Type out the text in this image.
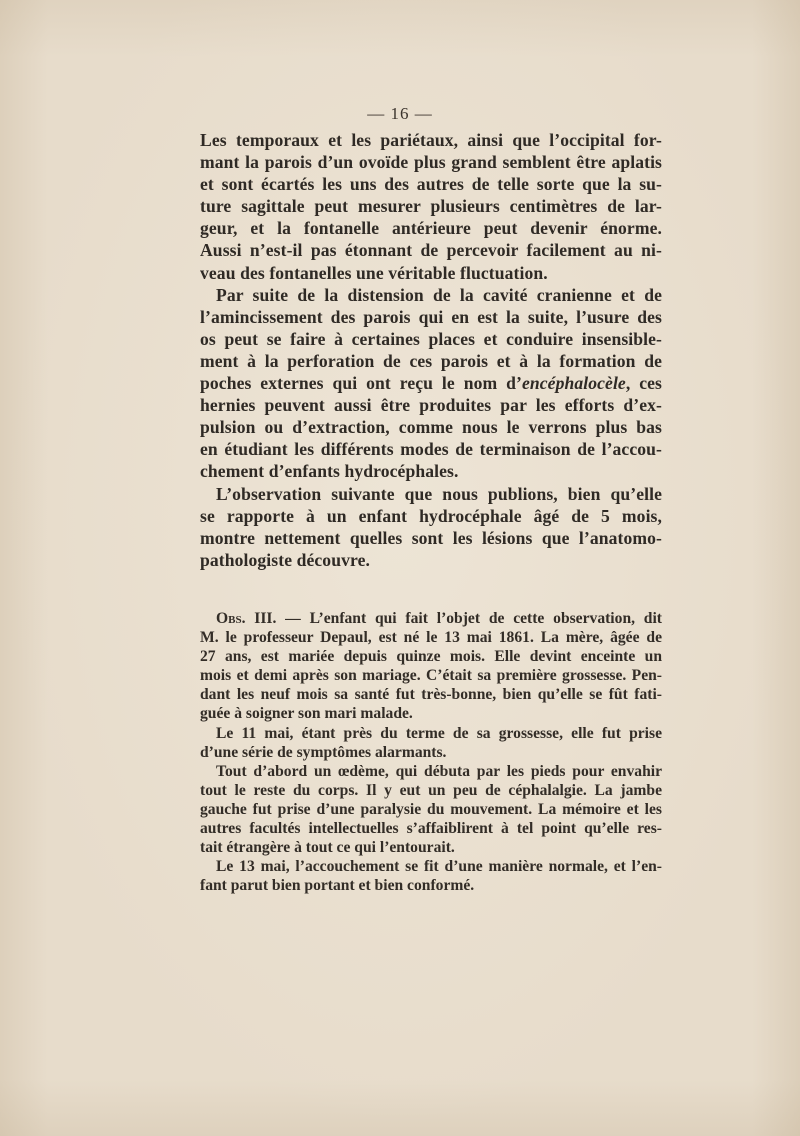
— 16 —
Les temporaux et les pariétaux, ainsi que l’occipital for-
mant la parois d’un ovoïde plus grand semblent être aplatis
et sont écartés les uns des autres de telle sorte que la su-
ture sagittale peut mesurer plusieurs centimètres de lar-
geur, et la fontanelle antérieure peut devenir énorme.
Aussi n’est-il pas étonnant de percevoir facilement au ni-
veau des fontanelles une véritable fluctuation.
Par suite de la distension de la cavité cranienne et de
l’amincissement des parois qui en est la suite, l’usure des
os peut se faire à certaines places et conduire insensible-
ment à la perforation de ces parois et à la formation de
poches externes qui ont reçu le nom d’encéphalocèle, ces
hernies peuvent aussi être produites par les efforts d’ex-
pulsion ou d’extraction, comme nous le verrons plus bas
en étudiant les différents modes de terminaison de l’accou-
chement d’enfants hydrocéphales.
L’observation suivante que nous publions, bien qu’elle
se rapporte à un enfant hydrocéphale âgé de 5 mois,
montre nettement quelles sont les lésions que l’anatomo-
pathologiste découvre.
Obs. III. — L’enfant qui fait l’objet de cette observation, dit
M. le professeur Depaul, est né le 13 mai 1861. La mère, âgée de
27 ans, est mariée depuis quinze mois. Elle devint enceinte un
mois et demi après son mariage. C’était sa première grossesse. Pen-
dant les neuf mois sa santé fut très-bonne, bien qu’elle se fût fati-
guée à soigner son mari malade.
Le 11 mai, étant près du terme de sa grossesse, elle fut prise
d’une série de symptômes alarmants.
Tout d’abord un œdème, qui débuta par les pieds pour envahir
tout le reste du corps. Il y eut un peu de céphalalgie. La jambe
gauche fut prise d’une paralysie du mouvement. La mémoire et les
autres facultés intellectuelles s’affaiblirent à tel point qu’elle res-
tait étrangère à tout ce qui l’entourait.
Le 13 mai, l’accouchement se fit d’une manière normale, et l’en-
fant parut bien portant et bien conformé.
